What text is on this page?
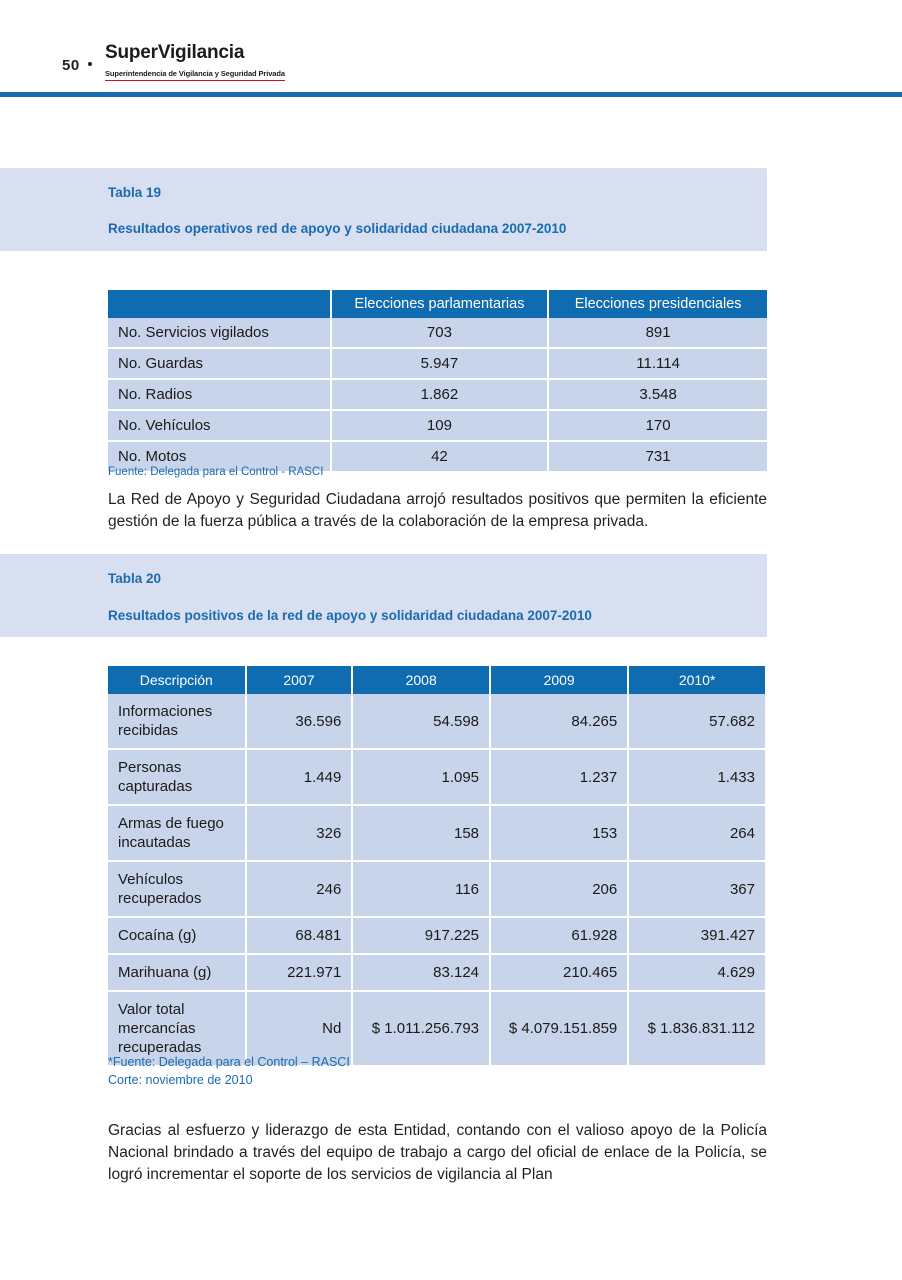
50
SuperVigilancia
Superintendencia de Vigilancia y Seguridad Privada
Tabla 19
Resultados operativos red de apoyo y solidaridad ciudadana 2007-2010
	Elecciones parlamentarias	Elecciones presidenciales
No. Servicios vigilados	703	891
No. Guardas	5.947	11.114
No. Radios	1.862	3.548
No. Vehículos	109	170
No. Motos	42	731
Fuente: Delegada para el Control - RASCI
La Red de Apoyo y Seguridad Ciudadana arrojó resultados positivos que permiten la eficiente gestión de la fuerza pública a través de la colaboración de la empresa privada.
Tabla 20
Resultados positivos de la red de apoyo y solidaridad ciudadana 2007-2010
Descripción	2007	2008	2009	2010*
Informaciones recibidas	36.596	54.598	84.265	57.682
Personas capturadas	1.449	1.095	1.237	1.433
Armas de fuego incautadas	326	158	153	264
Vehículos recuperados	246	116	206	367
Cocaína (g)	68.481	917.225	61.928	391.427
Marihuana (g)	221.971	83.124	210.465	4.629
Valor total mercancías recuperadas	Nd	$ 1.011.256.793	$ 4.079.151.859	$ 1.836.831.112
*Fuente: Delegada para el Control – RASCI
Corte: noviembre de 2010
Gracias al esfuerzo y liderazgo de esta Entidad, contando con el valioso apoyo de la Policía Nacional brindado a través del equipo de trabajo a cargo del oficial de enlace de la Policía, se logró incrementar el soporte de los servicios de vigilancia al Plan
